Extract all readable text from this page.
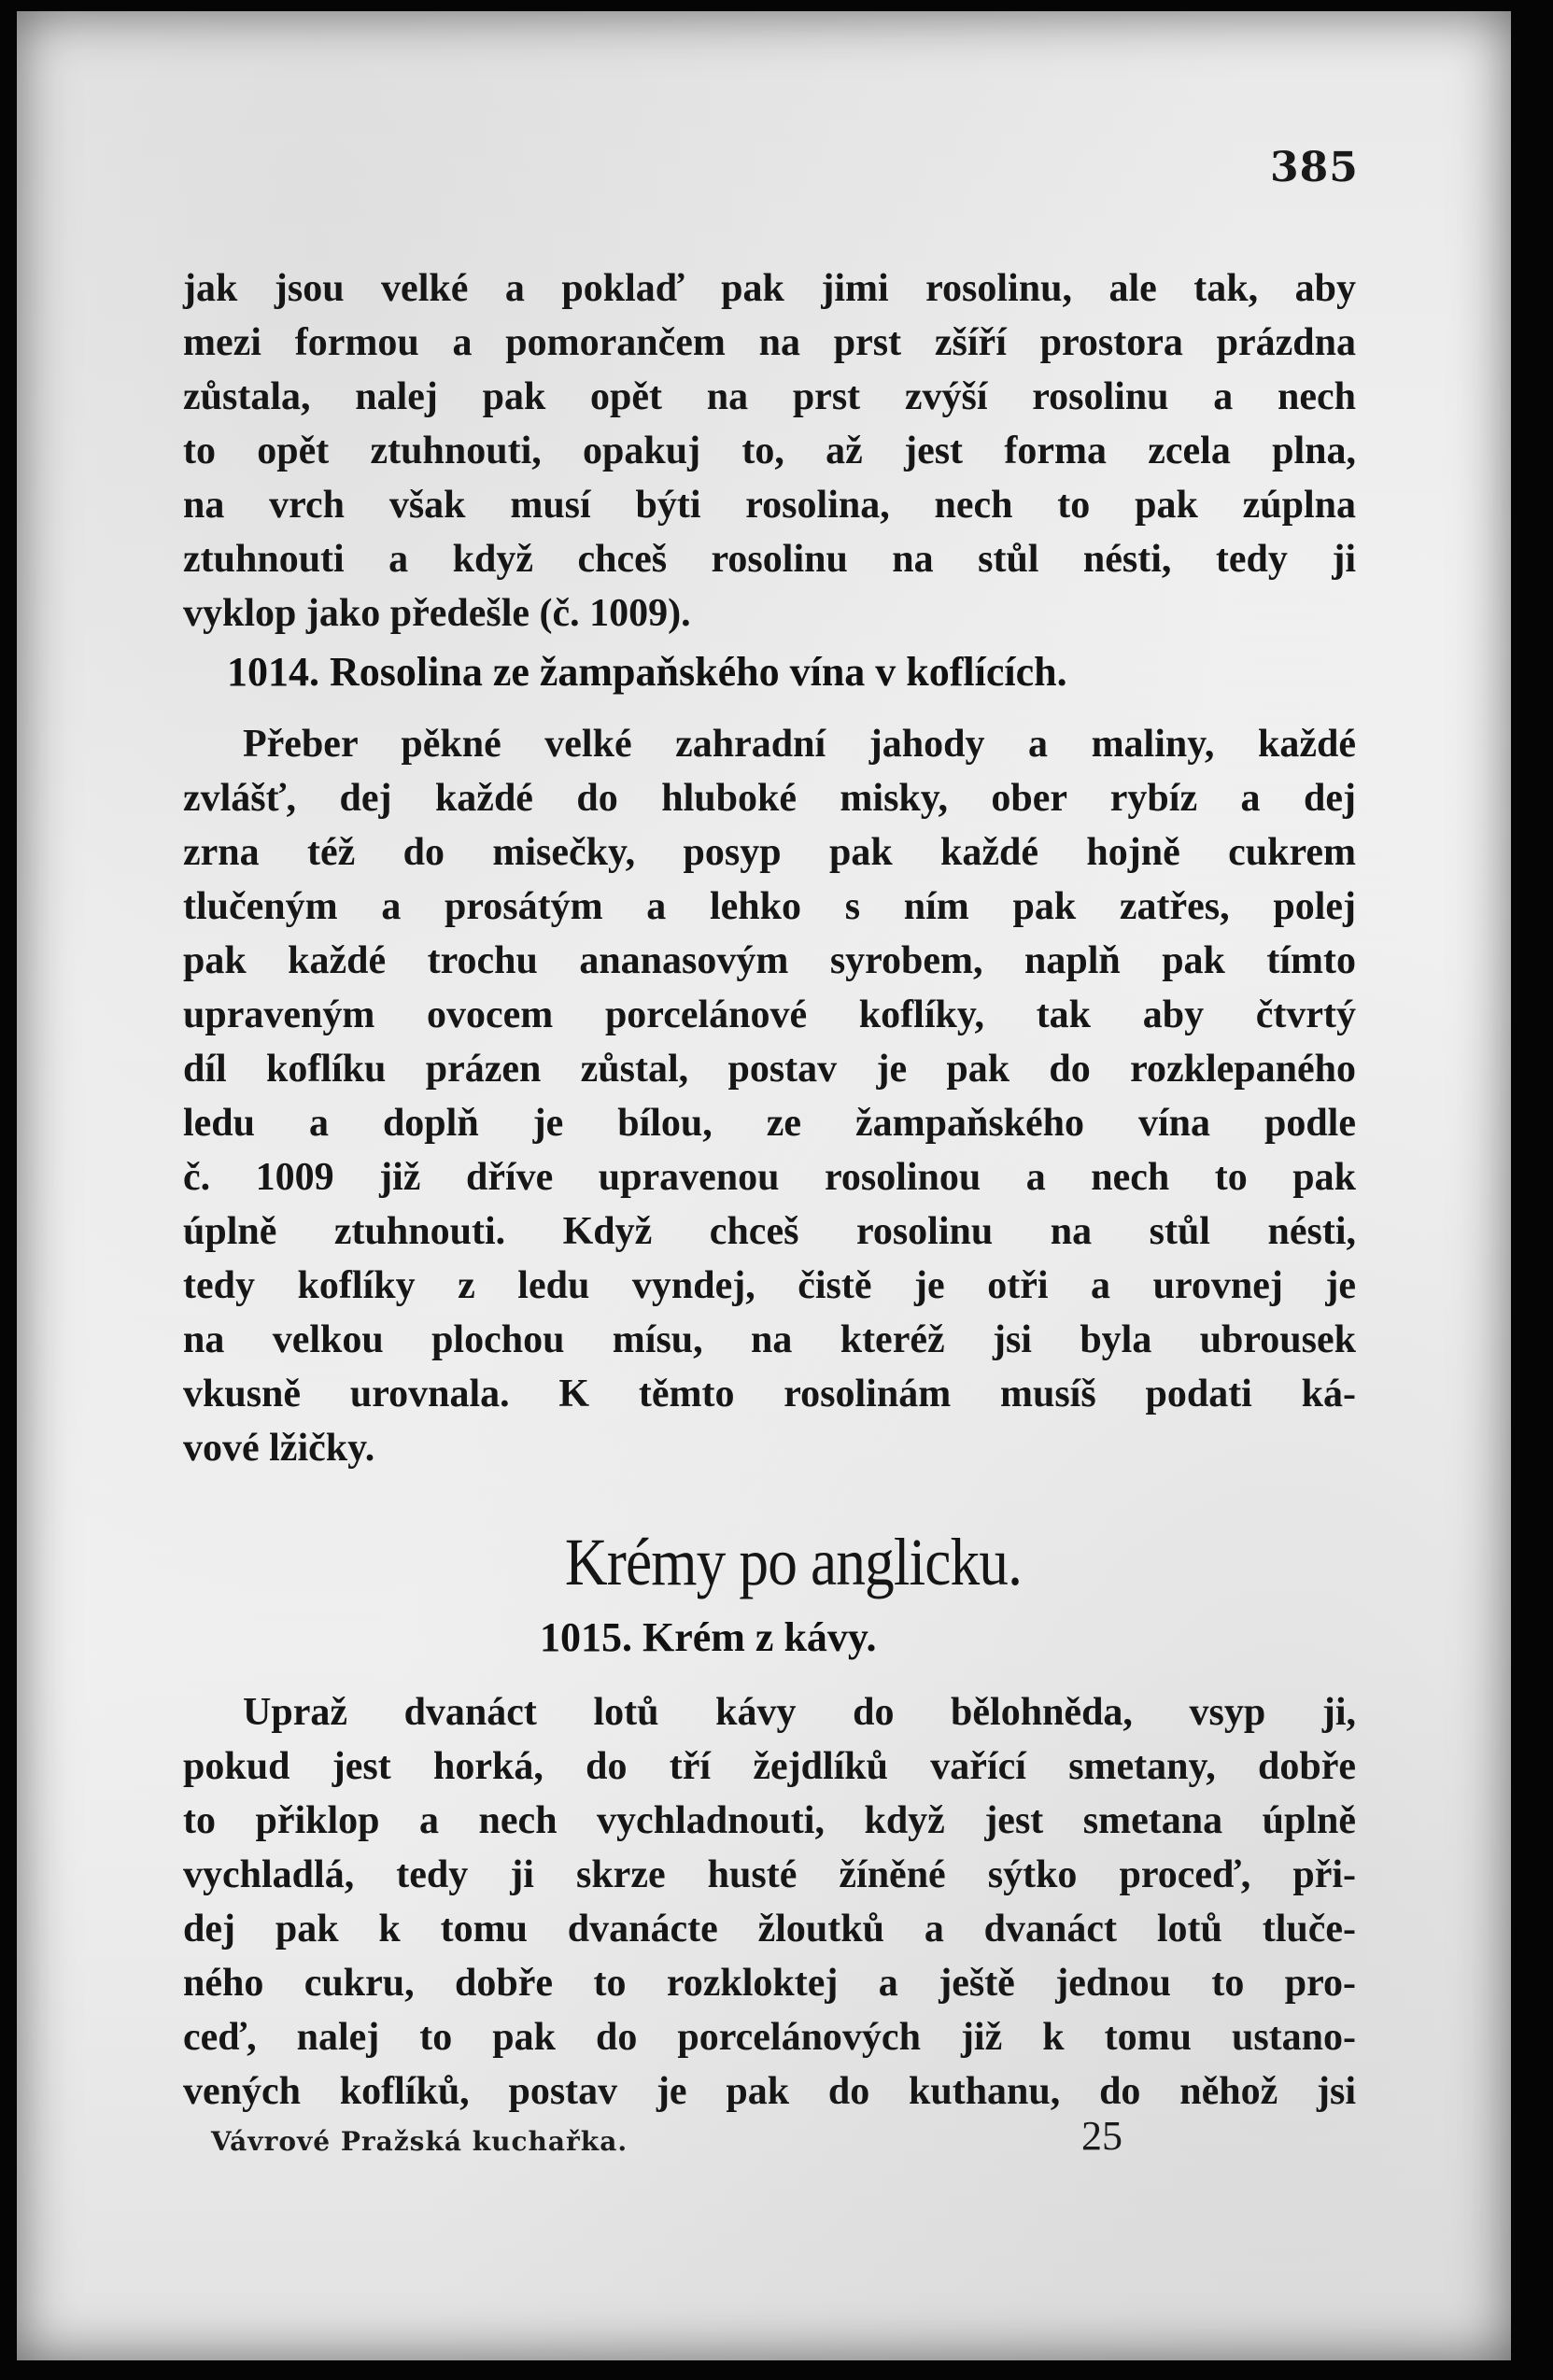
385
jak jsou velké a poklaď pak jimi rosolinu, ale tak, aby
mezi formou a pomorančem na prst zšíří prostora prázdna
zůstala, nalej pak opět na prst zvýší rosolinu a nech
to opět ztuhnouti, opakuj to, až jest forma zcela plna,
na vrch však musí býti rosolina, nech to pak zúplna
ztuhnouti a když chceš rosolinu na stůl nésti, tedy ji
vyklop jako předešle (č. 1009).
1014. Rosolina ze žampaňského vína v koflících.
Přeber pěkné velké zahradní jahody a maliny, každé
zvlášť, dej každé do hluboké misky, ober rybíz a dej
zrna též do misečky, posyp pak každé hojně cukrem
tlučeným a prosátým a lehko s ním pak zatřes, polej
pak každé trochu ananasovým syrobem, naplň pak tímto
upraveným ovocem porcelánové koflíky, tak aby čtvrtý
díl koflíku prázen zůstal, postav je pak do rozklepaného
ledu a doplň je bílou, ze žampaňského vína podle
č. 1009 již dříve upravenou rosolinou a nech to pak
úplně ztuhnouti. Když chceš rosolinu na stůl nésti,
tedy koflíky z ledu vyndej, čistě je otři a urovnej je
na velkou plochou mísu, na kteréž jsi byla ubrousek
vkusně urovnala. K těmto rosolinám musíš podati ká-
vové lžičky.
Krémy po anglicku.
1015. Krém z kávy.
Upraž dvanáct lotů kávy do bělohněda, vsyp ji,
pokud jest horká, do tří žejdlíků vařící smetany, dobře
to přiklop a nech vychladnouti, když jest smetana úplně
vychladlá, tedy ji skrze husté žíněné sýtko proceď, při-
dej pak k tomu dvanácte žloutků a dvanáct lotů tluče-
ného cukru, dobře to rozkloktej a ještě jednou to pro-
ceď, nalej to pak do porcelánových již k tomu ustano-
vených koflíků, postav je pak do kuthanu, do něhož jsi
Vávrové Pražská kuchařka.	25
